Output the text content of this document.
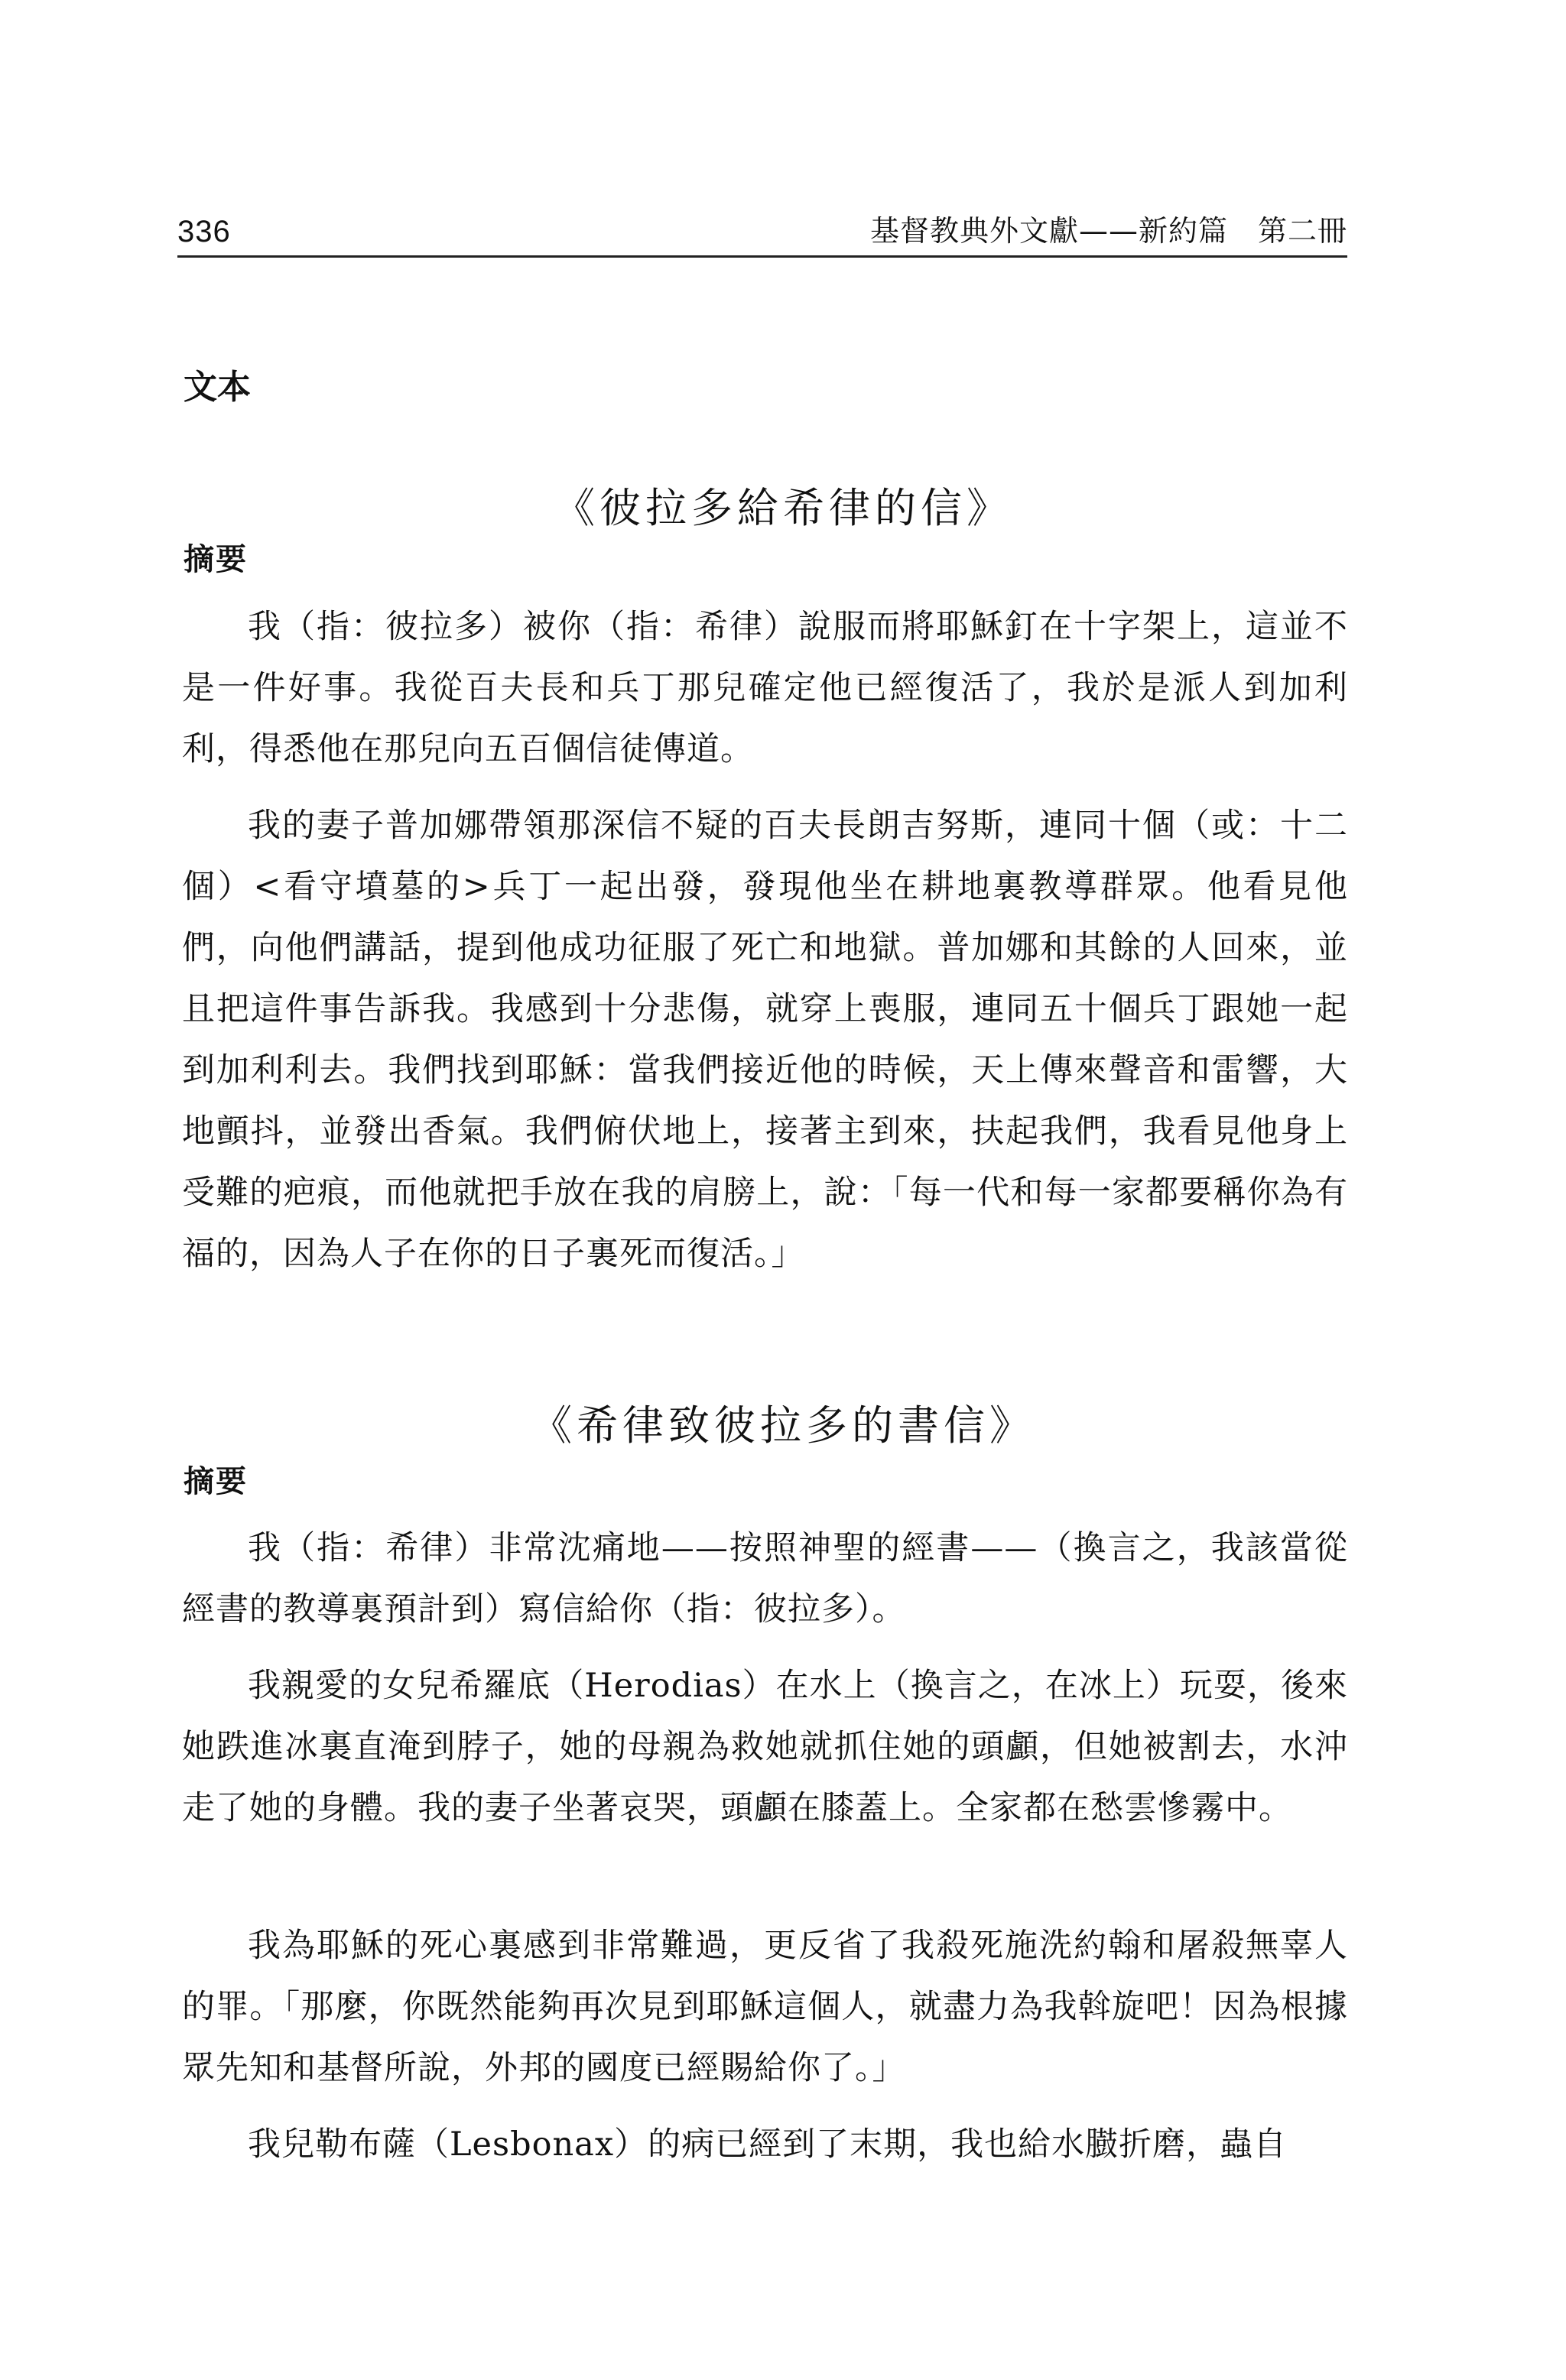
336	基督教典外文獻——新約篇　第二冊
文本
《彼拉多給希律的信》
摘要

我（指：彼拉多）被你（指：希律）說服而將耶穌釘在十字架上，這並不是一件好事。我從百夫長和兵丁那兒確定他已經復活了，我於是派人到加利利，得悉他在那兒向五百個信徒傳道。

我的妻子普加娜帶領那深信不疑的百夫長朗吉努斯，連同十個（或：十二個）<看守墳墓的>兵丁一起出發，發現他坐在耕地裏教導群眾。他看見他們，向他們講話，提到他成功征服了死亡和地獄。普加娜和其餘的人回來，並且把這件事告訴我。我感到十分悲傷，就穿上喪服，連同五十個兵丁跟她一起到加利利去。我們找到耶穌：當我們接近他的時候，天上傳來聲音和雷響，大地顫抖，並發出香氣。我們俯伏地上，接著主到來，扶起我們，我看見他身上受難的疤痕，而他就把手放在我的肩膀上，說：「每一代和每一家都要稱你為有福的，因為人子在你的日子裏死而復活。」

《希律致彼拉多的書信》
摘要

我（指：希律）非常沈痛地——按照神聖的經書——（換言之，我該當從經書的教導裏預計到）寫信給你（指：彼拉多）。

我親愛的女兒希羅底（Herodias）在水上（換言之，在冰上）玩耍，後來她跌進冰裏直淹到脖子，她的母親為救她就抓住她的頭顱，但她被割去，水沖走了她的身體。我的妻子坐著哀哭，頭顱在膝蓋上。全家都在愁雲慘霧中。

我為耶穌的死心裏感到非常難過，更反省了我殺死施洗約翰和屠殺無辜人的罪。「那麼，你既然能夠再次見到耶穌這個人，就盡力為我斡旋吧！因為根據眾先知和基督所說，外邦的國度已經賜給你了。」

我兒勒布薩（Lesbonax）的病已經到了末期，我也給水臌折磨，蟲自
